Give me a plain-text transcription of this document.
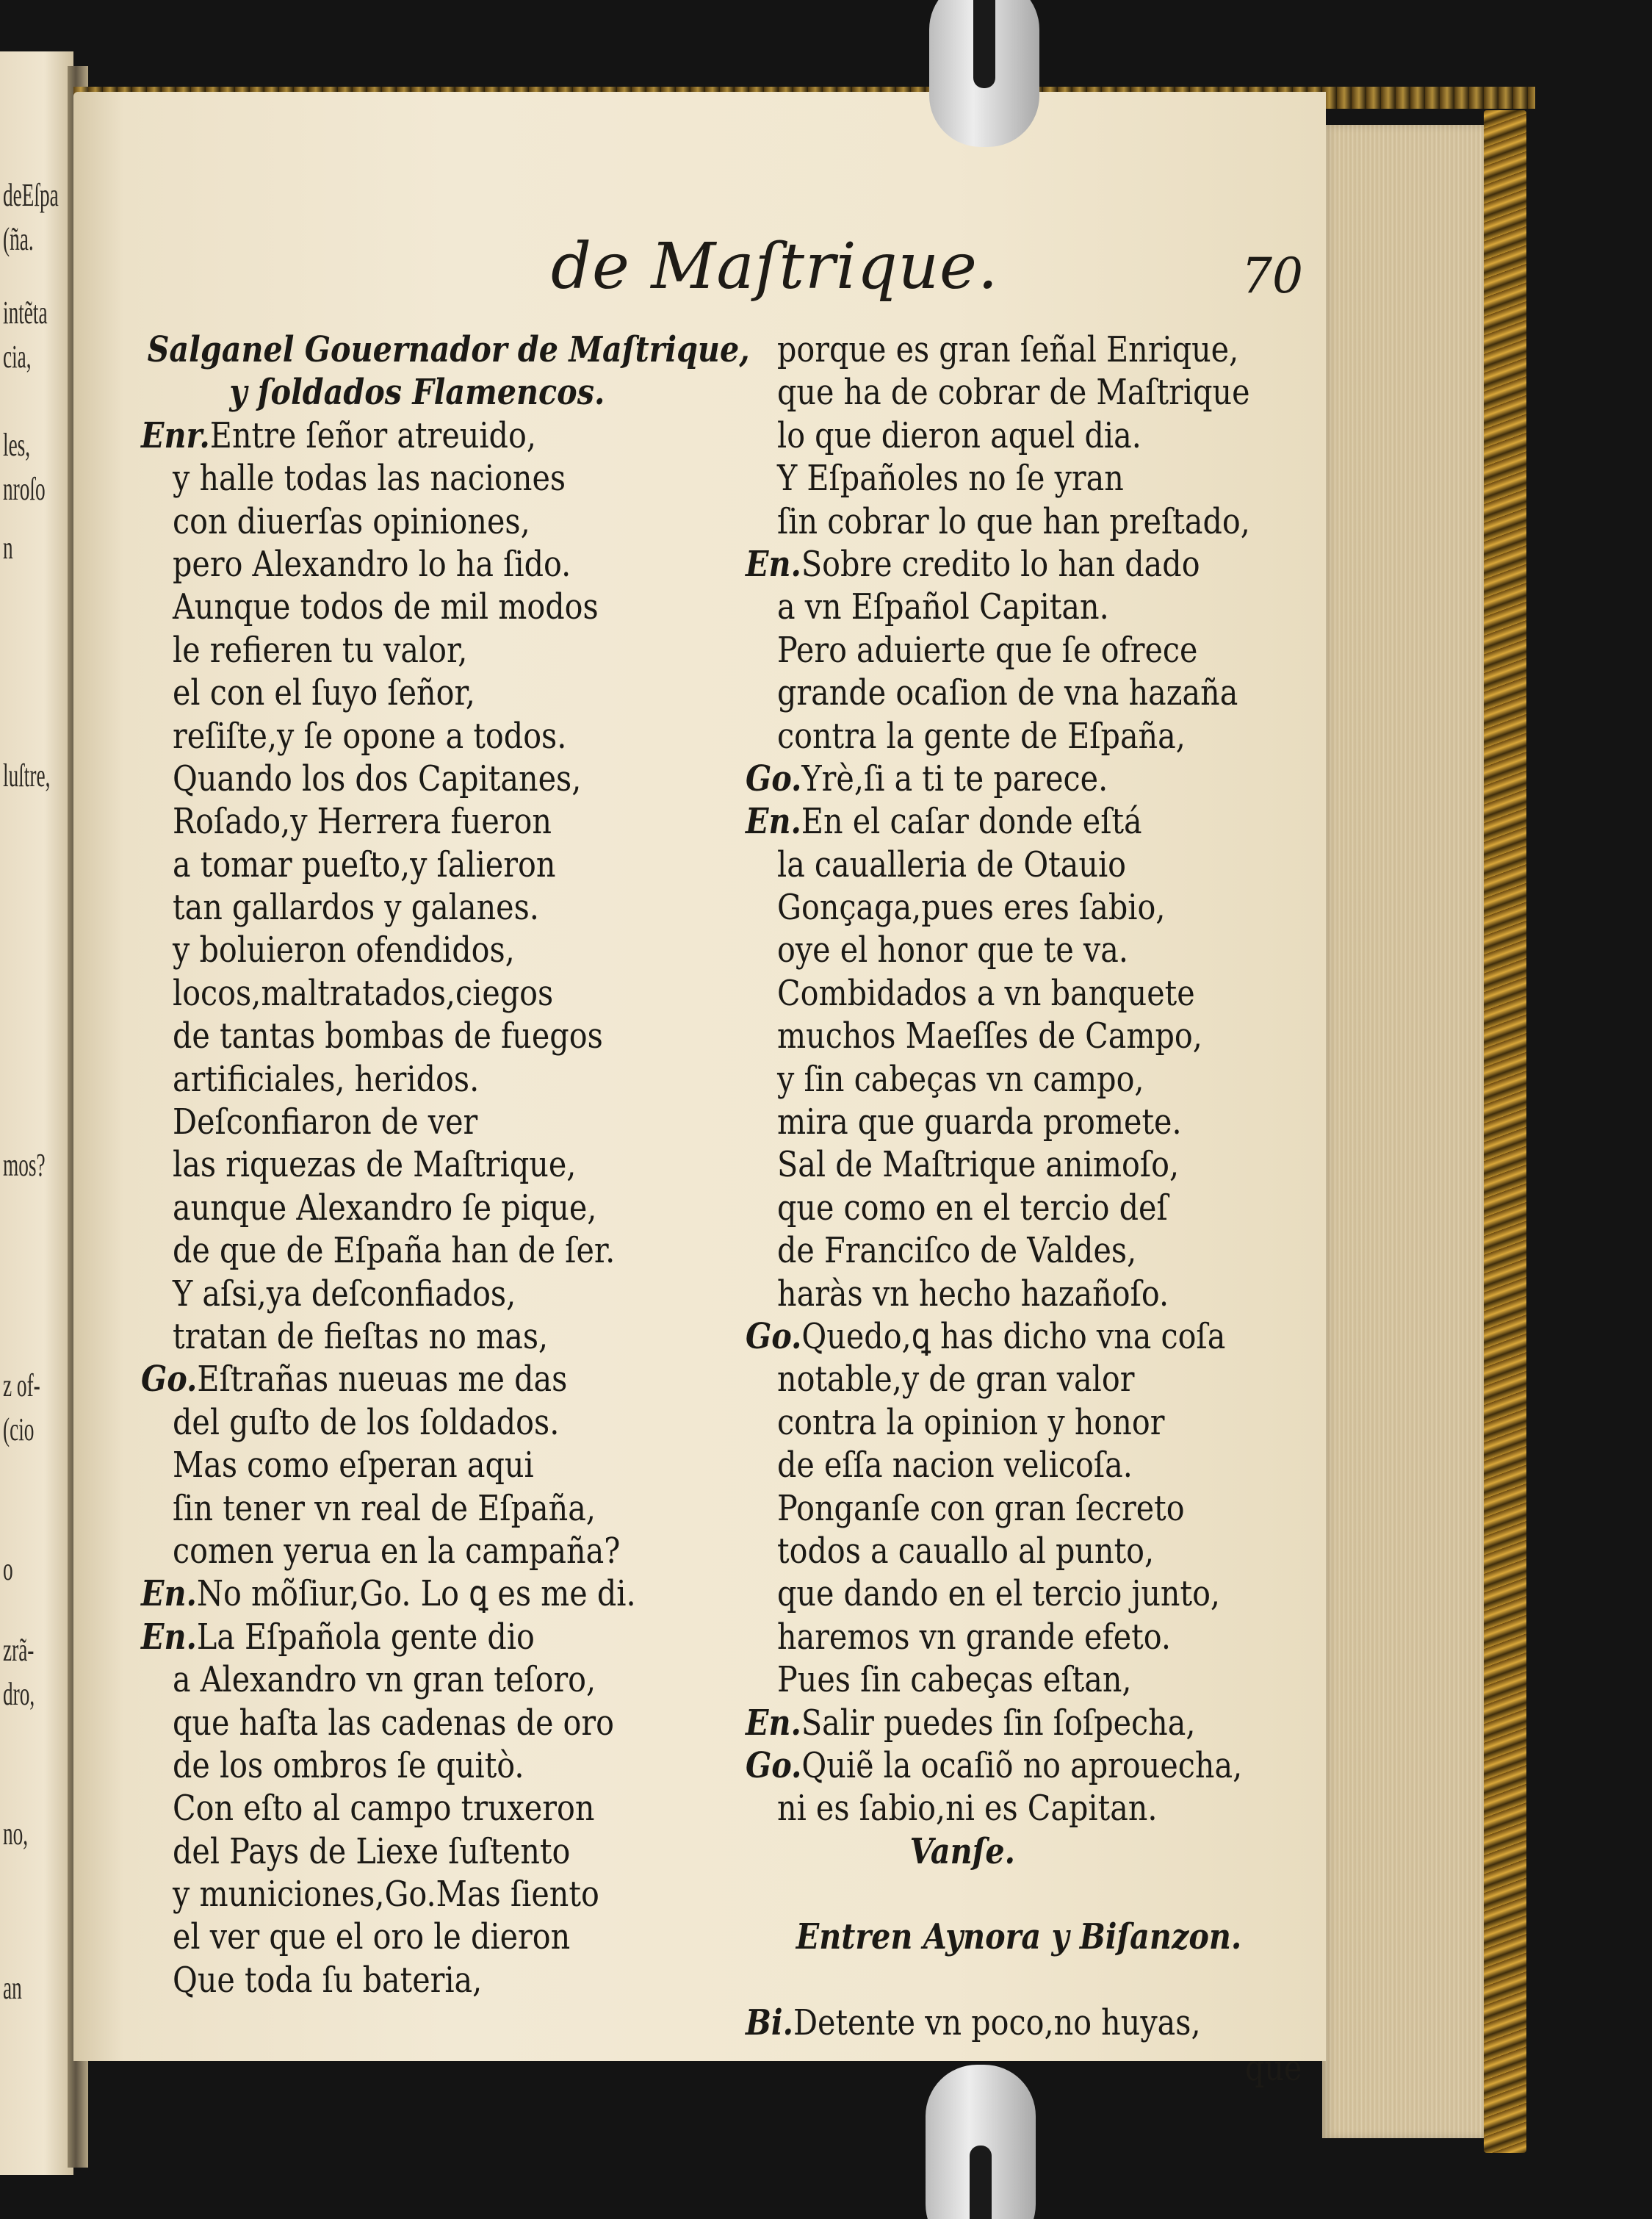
deEſpa
(ña.
intẽta
cia,
les,
nroſo
n
luſtre,
mos?
z of-
(cio
o
zrã-
dro,
no,
an
de Maſtrique.	70
Salganel Gouernador de Maſtrique,
y ſoldados Flamencos.
Enr.Entre ſeñor atreuido,
y halle todas las naciones
con diuerſas opiniones,
pero Alexandro lo ha ſido.
Aunque todos de mil modos
le refieren tu valor,
el con el ſuyo ſeñor,
reſiſte,y ſe opone a todos.
Quando los dos Capitanes,
Roſado,y Herrera fueron
a tomar pueſto,y ſalieron
tan gallardos y galanes.
y boluieron ofendidos,
locos,maltratados,ciegos
de tantas bombas de fuegos
artificiales, heridos.
Deſconfiaron de ver
las riquezas de Maſtrique,
aunque Alexandro ſe pique,
de que de Eſpaña han de ſer.
Y aſsi,ya deſconfiados,
tratan de fieſtas no mas,
Go.Eſtrañas nueuas me das
del guſto de los ſoldados.
Mas como eſperan aqui
ſin tener vn real de Eſpaña,
comen yerua en la campaña?
En.No mõſiur,Go. Lo ꝗ es me di.
En.La Eſpañola gente dio
a Alexandro vn gran teſoro,
que haſta las cadenas de oro
de los ombros ſe quitò.
Con eſto al campo truxeron
del Pays de Liexe ſuſtento
y municiones,Go.Mas ſiento
el ver que el oro le dieron
Que toda ſu bateria,
porque es gran ſeñal Enrique,
que ha de cobrar de Maſtrique
lo que dieron aquel dia.
Y Eſpañoles no ſe yran
ſin cobrar lo que han preſtado,
En.Sobre credito lo han dado
a vn Eſpañol Capitan.
Pero aduierte que ſe ofrece
grande ocaſion de vna hazaña
contra la gente de Eſpaña,
Go.Yrè,ſi a ti te parece.
En.En el caſar donde eſtá
la caualleria de Otauio
Gonçaga,pues eres ſabio,
oye el honor que te va.
Combidados a vn banquete
muchos Maeſſes de Campo,
y ſin cabeças vn campo,
mira que guarda promete.
Sal de Maſtrique animoſo,
que como en el tercio deſ
de Franciſco de Valdes,
haràs vn hecho hazañoſo.
Go.Quedo,ꝗ has dicho vna coſa
notable,y de gran valor
contra la opinion y honor
de eſſa nacion velicoſa.
Ponganſe con gran ſecreto
todos a cauallo al punto,
que dando en el tercio junto,
haremos vn grande efeto.
Pues ſin cabeças eſtan,
En.Salir puedes ſin ſoſpecha,
Go.Quiẽ la ocaſiõ no aprouecha,
ni es ſabio,ni es Capitan.
Vanſe.
Entren Aynora y Biſanzon.
Bi.Detente vn poco,no huyas,
que
